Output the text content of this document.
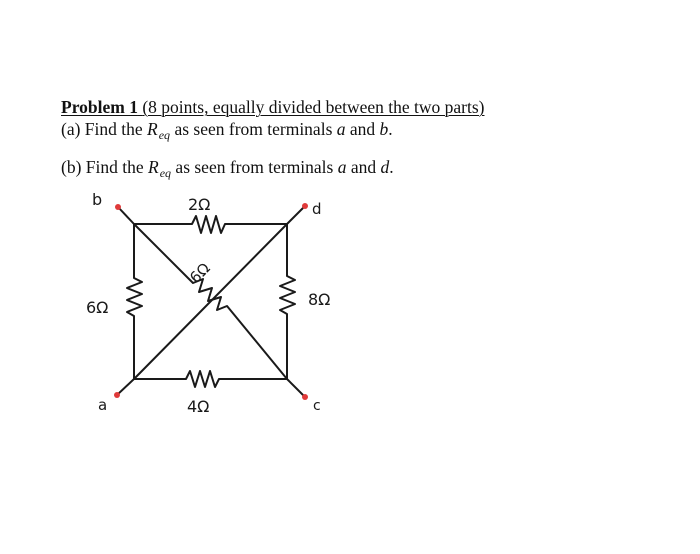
Problem 1 (8 points, equally divided between the two parts)
(a) Find the $R_{eq}$ as seen from terminals a and b.
(b) Find the $R_{eq}$ as seen from terminals a and d.
b	d
a	c
2Ω
6Ω
6Ω
8Ω
4Ω
